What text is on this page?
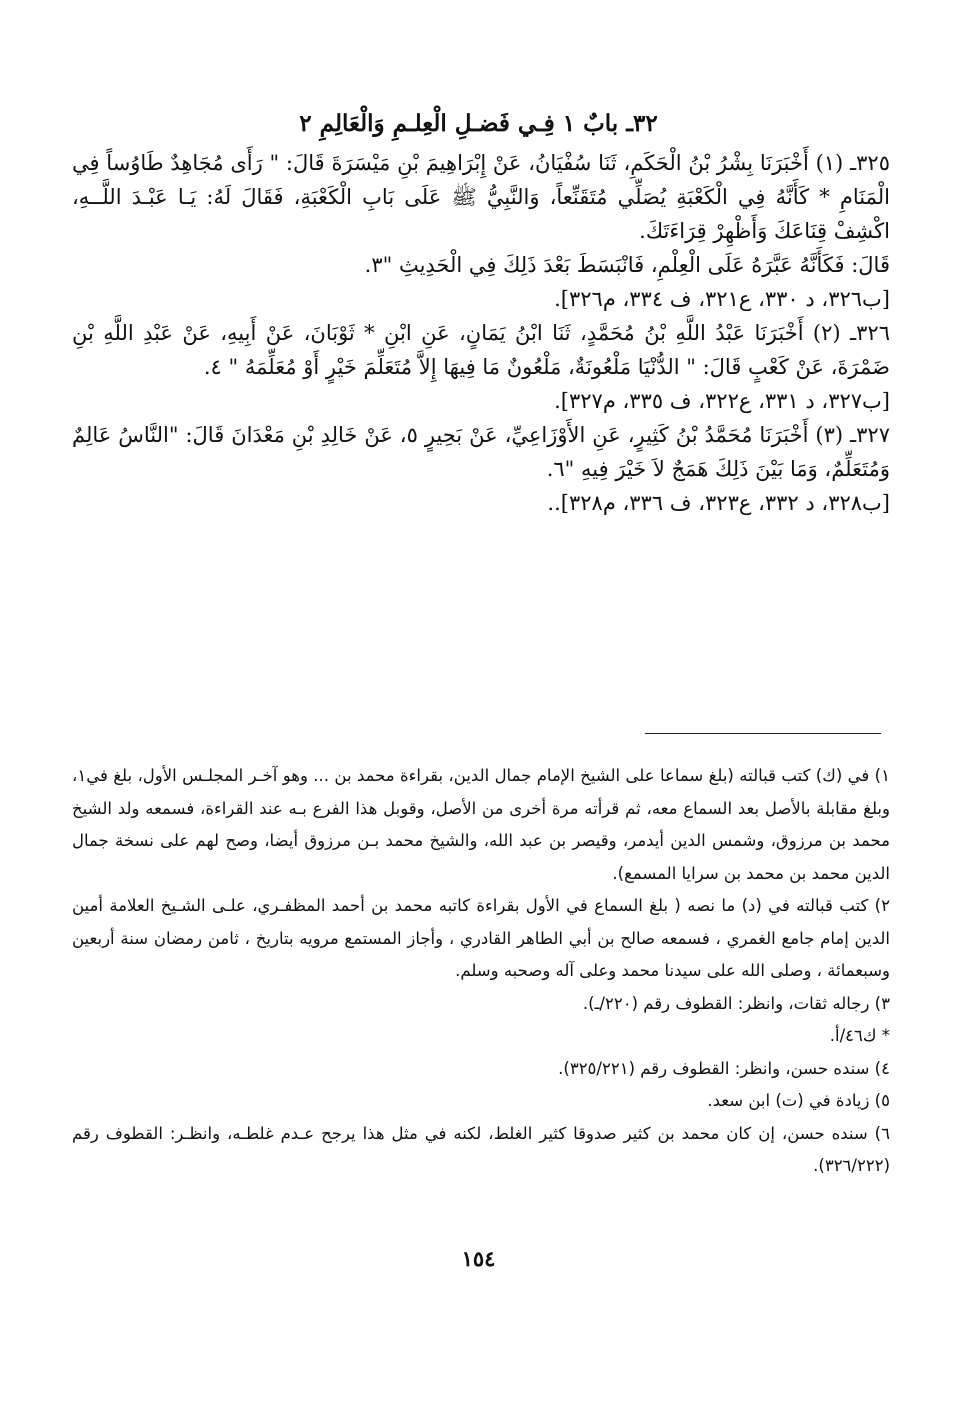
٣٢ـ بابٌ ١ فِـي فَضـلِ الْعِلـمِ وَالْعَالِمِ ٢

٣٢٥ـ (١) أَخْبَرَنَا بِشْرُ بْنُ الْحَكَمِ، ثَنَا سُفْيَانُ، عَنْ إِبْرَاهِيمَ بْنِ مَيْسَرَةَ قَالَ: " رَأَى مُجَاهِدٌ طَاوُساً فِي الْمَنَامِ * كَأَنَّهُ فِي الْكَعْبَةِ يُصَلِّي مُتَقَنِّعاً، وَالنَّبِيُّ ﷺ عَلَى بَابِ الْكَعْبَةِ، فَقَالَ لَهُ: يَـا عَبْـدَ اللَّــهِ، اكْشِفْ قِنَاعَكَ وَأَظْهِرْ قِرَاءَتَكَ.

قَالَ: فَكَأَنَّهُ عَبَّرَهُ عَلَى الْعِلْمِ، فَانْبَسَطَ بَعْدَ ذَلِكَ فِي الْحَدِيثِ "٣.

[ب٣٢٦، د ٣٣٠، ع٣٢١، ف ٣٣٤، م٣٢٦].

٣٢٦ـ (٢) أَخْبَرَنَا عَبْدُ اللَّهِ بْنُ مُحَمَّدٍ، ثَنَا ابْنُ يَمَانٍ، عَنِ ابْنِ * ثَوْبَانَ، عَنْ أَبِيهِ، عَنْ عَبْدِ اللَّهِ بْنِ ضَمْرَةَ، عَنْ كَعْبٍ قَالَ: " الدُّنْيَا مَلْعُونَةٌ، مَلْعُونٌ مَا فِيهَا إِلاَّ مُتَعَلِّمَ خَيْرٍ أَوْ مُعَلِّمَهُ " ٤.

[ب٣٢٧، د ٣٣١، ع٣٢٢، ف ٣٣٥، م٣٢٧].

٣٢٧ـ (٣) أَخْبَرَنَا مُحَمَّدُ بْنُ كَثِيرٍ، عَنِ الأَوْزَاعِيِّ، عَنْ بَحِيرٍ ٥، عَنْ خَالِدِ بْنِ مَعْدَانَ قَالَ: "النَّاسُ عَالِمٌ وَمُتَعَلِّمٌ، وَمَا بَيْنَ ذَلِكَ هَمَجٌ لاَ خَيْرَ فِيهِ "٦.

[ب٣٢٨، د ٣٣٢، ع٣٢٣، ف ٣٣٦، م٣٢٨]..

١) في (ك) كتب قبالته (بلغ سماعا على الشيخ الإمام جمال الدين، بقراءة محمد بن ... وهو آخـر المجلـس الأول، بلغ في١، وبلغ مقابلة بالأصل بعد السماع معه، ثم قرأته مرة أخرى من الأصل، وقوبل هذا الفرع بـه عند القراءة، فسمعه ولد الشيخ محمد بن مرزوق، وشمس الدين أيدمر، وقيصر بن عبد الله، والشيخ محمد بـن مرزوق أيضا، وصح لهم على نسخة جمال الدين محمد بن محمد بن سرايا المسمع).

٢) كتب قبالته في (د) ما نصه ( بلغ السماع في الأول بقراءة كاتبه محمد بن أحمد المظفـري، علـى الشـيخ العلامة أمين الدين إمام جامع الغمري ، فسمعه صالح بن أبي الطاهر القادري ، وأجاز المستمع مرويه بتاريخ ، ثامن رمضان سنة أربعين وسبعمائة ، وصلى الله على سيدنا محمد وعلى آله وصحبه وسلم.

٣) رجاله ثقات، وانظر: القطوف رقم (٢٢٠/ـ).

* ك٤٦/أ.

٤) سنده حسن، وانظر: القطوف رقم (٣٢٥/٢٢١).

٥) زيادة في (ت) ابن سعد.

٦) سنده حسن، إن كان محمد بن كثير صدوقا كثير الغلط، لكنه في مثل هذا يرجح عـدم غلطـه، وانظـر: القطوف رقم (٣٢٦/٢٢٢).

١٥٤
